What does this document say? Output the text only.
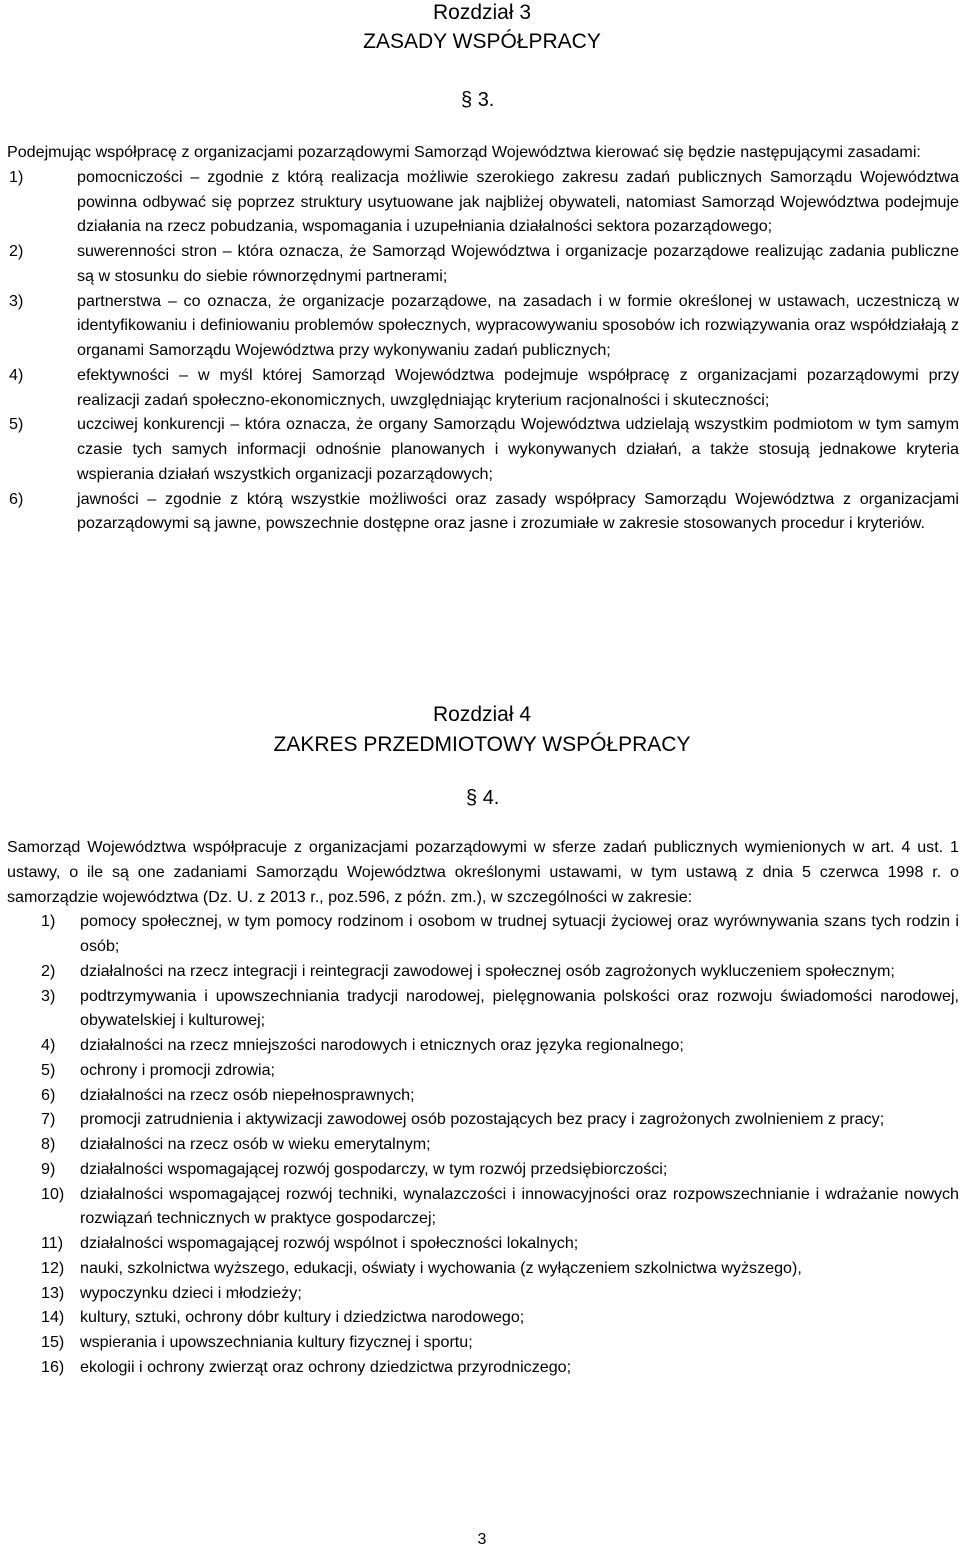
Rozdział 3
ZASADY WSPÓŁPRACY
§ 3.
Podejmując współpracę z organizacjami pozarządowymi Samorząd Województwa kierować się będzie następującymi zasadami:
1)	pomocniczości – zgodnie z którą realizacja możliwie szerokiego zakresu zadań publicznych Samorządu Województwa powinna odbywać się poprzez struktury usytuowane jak najbliżej obywateli, natomiast Samorząd Województwa podejmuje działania na rzecz pobudzania, wspomagania i uzupełniania działalności sektora pozarządowego;
2)	suwerenności stron – która oznacza, że Samorząd Województwa i organizacje pozarządowe realizując zadania publiczne są w stosunku do siebie równorzędnymi partnerami;
3)	partnerstwa – co oznacza, że organizacje pozarządowe, na zasadach i w formie określonej w ustawach, uczestniczą w identyfikowaniu i definiowaniu problemów społecznych, wypracowywaniu sposobów ich rozwiązywania oraz współdziałają z organami Samorządu Województwa przy wykonywaniu zadań publicznych;
4)	efektywności – w myśl której Samorząd Województwa podejmuje współpracę z organizacjami pozarządowymi przy realizacji zadań społeczno-ekonomicznych, uwzględniając kryterium racjonalności i skuteczności;
5)	uczciwej konkurencji – która oznacza, że organy Samorządu Województwa udzielają wszystkim podmiotom w tym samym czasie tych samych informacji odnośnie planowanych i wykonywanych działań, a także stosują jednakowe kryteria wspierania działań wszystkich organizacji pozarządowych;
6)	jawności – zgodnie z którą wszystkie możliwości oraz zasady współpracy Samorządu Województwa z organizacjami pozarządowymi są jawne, powszechnie dostępne oraz jasne i zrozumiałe w zakresie stosowanych procedur i kryteriów.
Rozdział 4
ZAKRES PRZEDMIOTOWY WSPÓŁPRACY
§ 4.
Samorząd Województwa współpracuje z organizacjami pozarządowymi w sferze zadań publicznych wymienionych w art. 4 ust. 1 ustawy, o ile są one zadaniami Samorządu Województwa określonymi ustawami, w tym ustawą z dnia 5 czerwca 1998 r. o samorządzie województwa (Dz. U. z 2013 r., poz.596, z późn. zm.), w szczególności w zakresie:
1) pomocy społecznej, w tym pomocy rodzinom i osobom w trudnej sytuacji życiowej oraz wyrównywania szans tych rodzin i osób;
2) działalności na rzecz integracji i reintegracji zawodowej i społecznej osób zagrożonych wykluczeniem społecznym;
3) podtrzymywania i upowszechniania tradycji narodowej, pielęgnowania polskości oraz rozwoju świadomości narodowej, obywatelskiej i kulturowej;
4) działalności na rzecz mniejszości narodowych i etnicznych oraz języka regionalnego;
5) ochrony i promocji zdrowia;
6) działalności na rzecz osób niepełnosprawnych;
7) promocji zatrudnienia i aktywizacji zawodowej osób pozostających bez pracy i zagrożonych zwolnieniem z pracy;
8) działalności na rzecz osób w wieku emerytalnym;
9) działalności wspomagającej rozwój gospodarczy, w tym rozwój przedsiębiorczości;
10) działalności wspomagającej rozwój techniki, wynalazczości i innowacyjności oraz rozpowszechnianie i wdrażanie nowych rozwiązań technicznych w praktyce gospodarczej;
11) działalności wspomagającej rozwój wspólnot i społeczności lokalnych;
12) nauki, szkolnictwa wyższego, edukacji, oświaty i wychowania (z wyłączeniem szkolnictwa wyższego),
13) wypoczynku dzieci i młodzieży;
14) kultury, sztuki, ochrony dóbr kultury i dziedzictwa narodowego;
15) wspierania i upowszechniania kultury fizycznej i sportu;
16) ekologii i ochrony zwierząt oraz ochrony dziedzictwa przyrodniczego;
3
